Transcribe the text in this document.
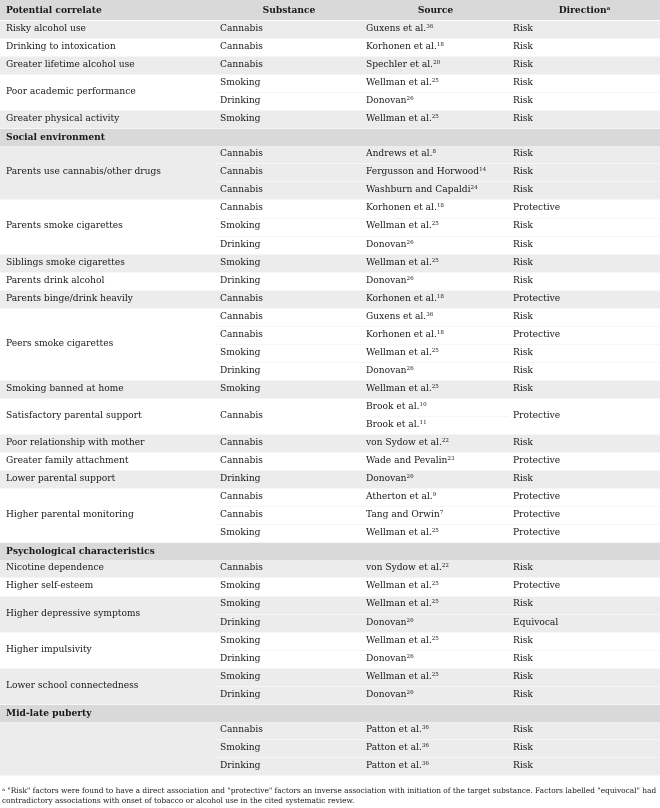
Potential correlate	Substance	Source	Direction$^a$
Risky alcohol use	Cannabis	Guxens et al.$^{36}$	Risk
Drinking to intoxication	Cannabis	Korhonen et al.$^{18}$	Risk
Greater lifetime alcohol use	Cannabis	Spechler et al.$^{20}$	Risk
Poor academic performance	Smoking	Wellman et al.$^{25}$	Risk
	Drinking	Donovan$^{26}$	Risk
Greater physical activity	Smoking	Wellman et al.$^{25}$	Risk
Social environment			
Parents use cannabis/other drugs	Cannabis	Andrews et al.$^8$	Risk
	Cannabis	Fergusson and Horwood$^{14}$	Risk
	Cannabis	Washburn and Capaldi$^{24}$	Risk
Parents smoke cigarettes	Cannabis	Korhonen et al.$^{18}$	Protective
	Smoking	Wellman et al.$^{25}$	Risk
	Drinking	Donovan$^{26}$	Risk
Siblings smoke cigarettes	Smoking	Wellman et al.$^{25}$	Risk
Parents drink alcohol	Drinking	Donovan$^{26}$	Risk
Parents binge/drink heavily	Cannabis	Korhonen et al.$^{18}$	Protective
Peers smoke cigarettes	Cannabis	Guxens et al.$^{36}$	Risk
	Cannabis	Korhonen et al.$^{18}$	Protective
	Smoking	Wellman et al.$^{25}$	Risk
	Drinking	Donovan$^{26}$	Risk
Smoking banned at home	Smoking	Wellman et al.$^{25}$	Risk
Satisfactory parental support	Cannabis	Brook et al.$^{10}$	Protective
		Brook et al.$^{11}$
Poor relationship with mother	Cannabis	von Sydow et al.$^{22}$	Risk
Greater family attachment	Cannabis	Wade and Pevalin$^{23}$	Protective
Lower parental support	Drinking	Donovan$^{26}$	Risk
Higher parental monitoring	Cannabis	Atherton et al.$^9$	Protective
	Cannabis	Tang and Orwin$^7$	Protective
	Smoking	Wellman et al.$^{25}$	Protective
Psychological characteristics			
Nicotine dependence	Cannabis	von Sydow et al.$^{22}$	Risk
Higher self-esteem	Smoking	Wellman et al.$^{25}$	Protective
Higher depressive symptoms	Smoking	Wellman et al.$^{25}$	Risk
	Drinking	Donovan$^{26}$	Equivocal
Higher impulsivity	Smoking	Wellman et al.$^{25}$	Risk
	Drinking	Donovan$^{26}$	Risk
Lower school connectedness	Smoking	Wellman et al.$^{25}$	Risk
	Drinking	Donovan$^{26}$	Risk
Mid-late puberty			
	Cannabis	Patton et al.$^{36}$	Risk
	Smoking	Patton et al.$^{36}$	Risk
	Drinking	Patton et al.$^{36}$	Risk
$^a$ "Risk" factors were found to have a direct association and "protective" factors an inverse association with initiation of the target substance. Factors labelled "equivocal" had contradictory associations with onset of tobacco or alcohol use in the cited systematic review.
